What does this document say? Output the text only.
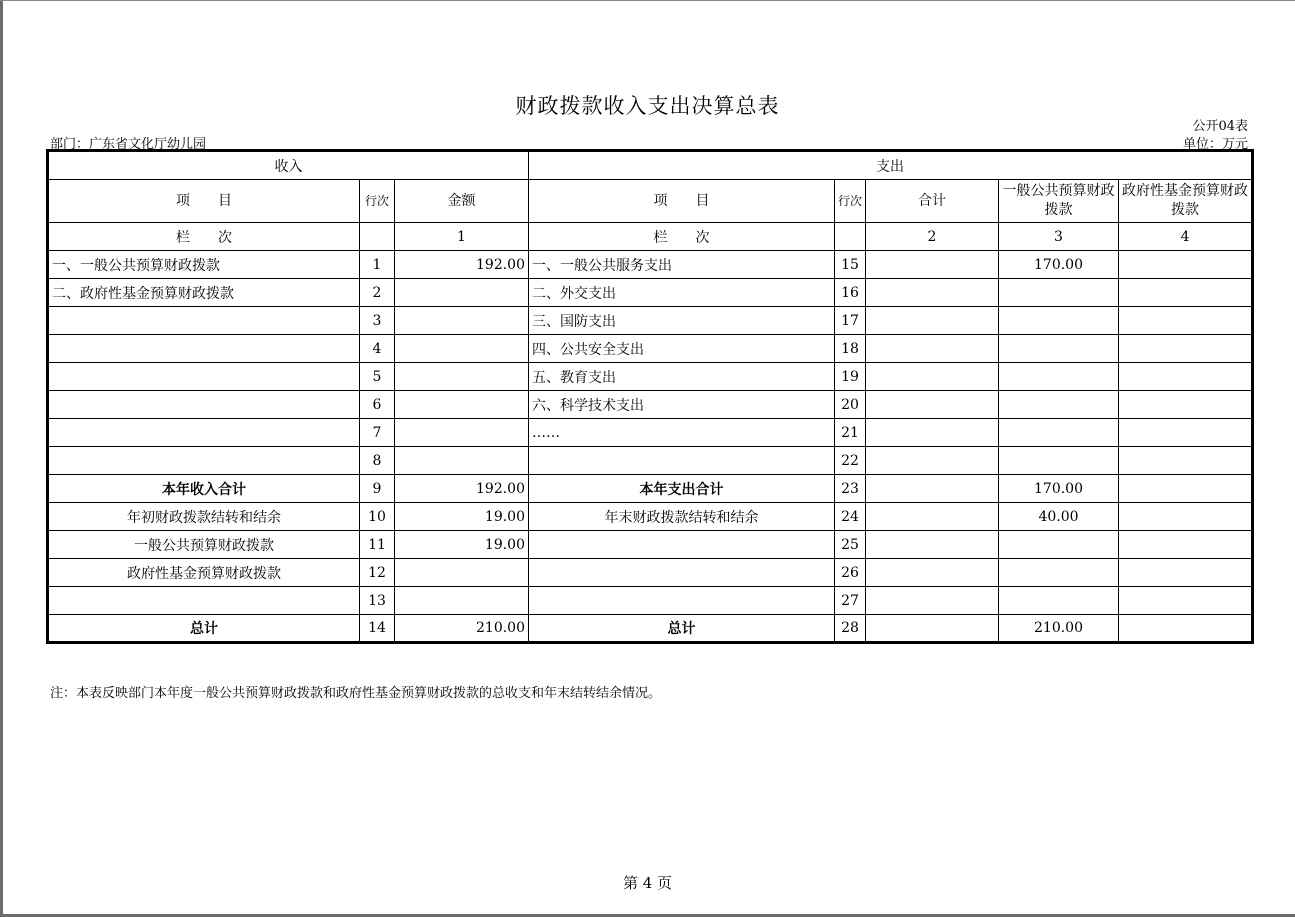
财政拨款收入支出决算总表
公开04表
部门：广东省文化厅幼儿园	单位：万元
收入			支出				
项　　目	行次	金额	项　　目	行次	合计	一般公共预算财政拨款	政府性基金预算财政拨款
栏　　次		1	栏　　次		2	3	4
一、一般公共预算财政拨款	1	192.00	一、一般公共服务支出	15		170.00	
二、政府性基金预算财政拨款	2		二、外交支出	16			
	3		三、国防支出	17			
	4		四、公共安全支出	18			
	5		五、教育支出	19			
	6		六、科学技术支出	20			
	7		……	21			
	8			22			
本年收入合计	9	192.00	本年支出合计	23		170.00	
年初财政拨款结转和结余	10	19.00	年末财政拨款结转和结余	24		40.00	
一般公共预算财政拨款	11	19.00		25			
政府性基金预算财政拨款	12			26			
	13			27			
总计	14	210.00	总计	28		210.00	
注：本表反映部门本年度一般公共预算财政拨款和政府性基金预算财政拨款的总收支和年末结转结余情况。
第 4 页
